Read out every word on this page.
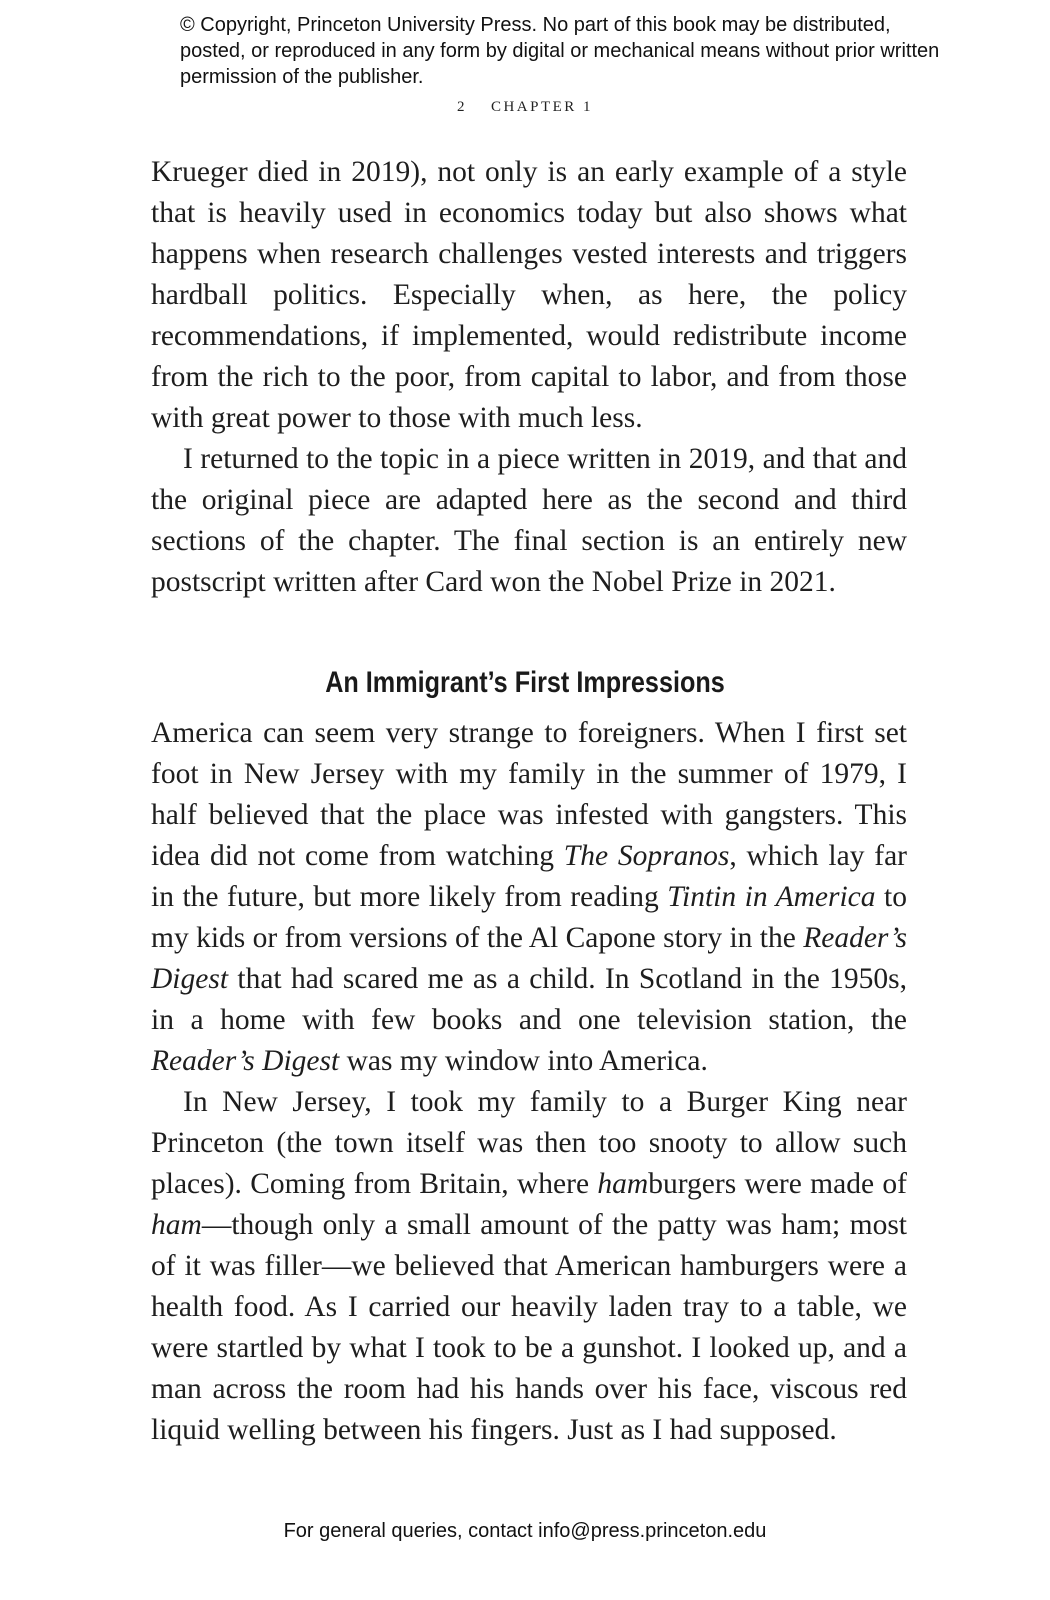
© Copyright, Princeton University Press. No part of this book may be distributed, posted, or reproduced in any form by digital or mechanical means without prior written permission of the publisher.
2 CHAPTER 1

Krueger died in 2019), not only is an early example of a style that is heavily used in economics today but also shows what happens when research challenges vested interests and triggers hardball politics. Especially when, as here, the policy recommendations, if implemented, would redistribute income from the rich to the poor, from capital to labor, and from those with great power to those with much less.

I returned to the topic in a piece written in 2019, and that and the original piece are adapted here as the second and third sections of the chapter. The final section is an entirely new postscript written after Card won the Nobel Prize in 2021.

An Immigrant’s First Impressions

America can seem very strange to foreigners. When I first set foot in New Jersey with my family in the summer of 1979, I half believed that the place was infested with gangsters. This idea did not come from watching The Sopranos, which lay far in the future, but more likely from reading Tintin in America to my kids or from versions of the Al Capone story in the Reader’s Digest that had scared me as a child. In Scotland in the 1950s, in a home with few books and one television station, the Reader’s Digest was my window into America.

In New Jersey, I took my family to a Burger King near Princeton (the town itself was then too snooty to allow such places). Coming from Britain, where hamburgers were made of ham—though only a small amount of the patty was ham; most of it was filler—we believed that American hamburgers were a health food. As I carried our heavily laden tray to a table, we were startled by what I took to be a gunshot. I looked up, and a man across the room had his hands over his face, viscous red liquid welling between his fingers. Just as I had supposed.

For general queries, contact info@press.princeton.edu
